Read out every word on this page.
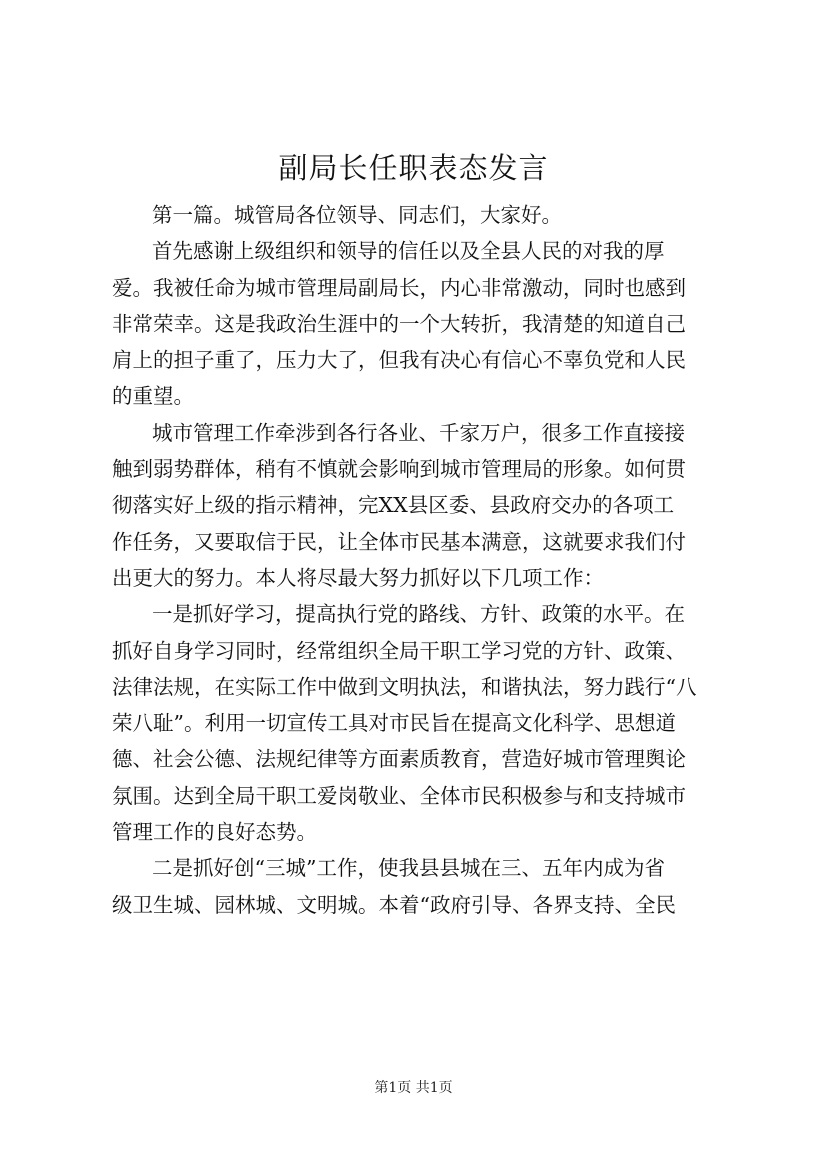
副局长任职表态发言
第一篇。城管局各位领导、同志们，大家好。
首先感谢上级组织和领导的信任以及全县人民的对我的厚
爱。我被任命为城市管理局副局长，内心非常激动，同时也感到
非常荣幸。这是我政治生涯中的一个大转折，我清楚的知道自己
肩上的担子重了，压力大了，但我有决心有信心不辜负党和人民
的重望。
城市管理工作牵涉到各行各业、千家万户，很多工作直接接
触到弱势群体，稍有不慎就会影响到城市管理局的形象。如何贯
彻落实好上级的指示精神，完XX县区委、县政府交办的各项工
作任务，又要取信于民，让全体市民基本满意，这就要求我们付
出更大的努力。本人将尽最大努力抓好以下几项工作：
一是抓好学习，提高执行党的路线、方针、政策的水平。在
抓好自身学习同时，经常组织全局干职工学习党的方针、政策、
法律法规，在实际工作中做到文明执法，和谐执法，努力践行“八
荣八耻”。利用一切宣传工具对市民旨在提高文化科学、思想道
德、社会公德、法规纪律等方面素质教育，营造好城市管理舆论
氛围。达到全局干职工爱岗敬业、全体市民积极参与和支持城市
管理工作的良好态势。
二是抓好创“三城”工作，使我县县城在三、五年内成为省
级卫生城、园林城、文明城。本着“政府引导、各界支持、全民
第1页 共1页
